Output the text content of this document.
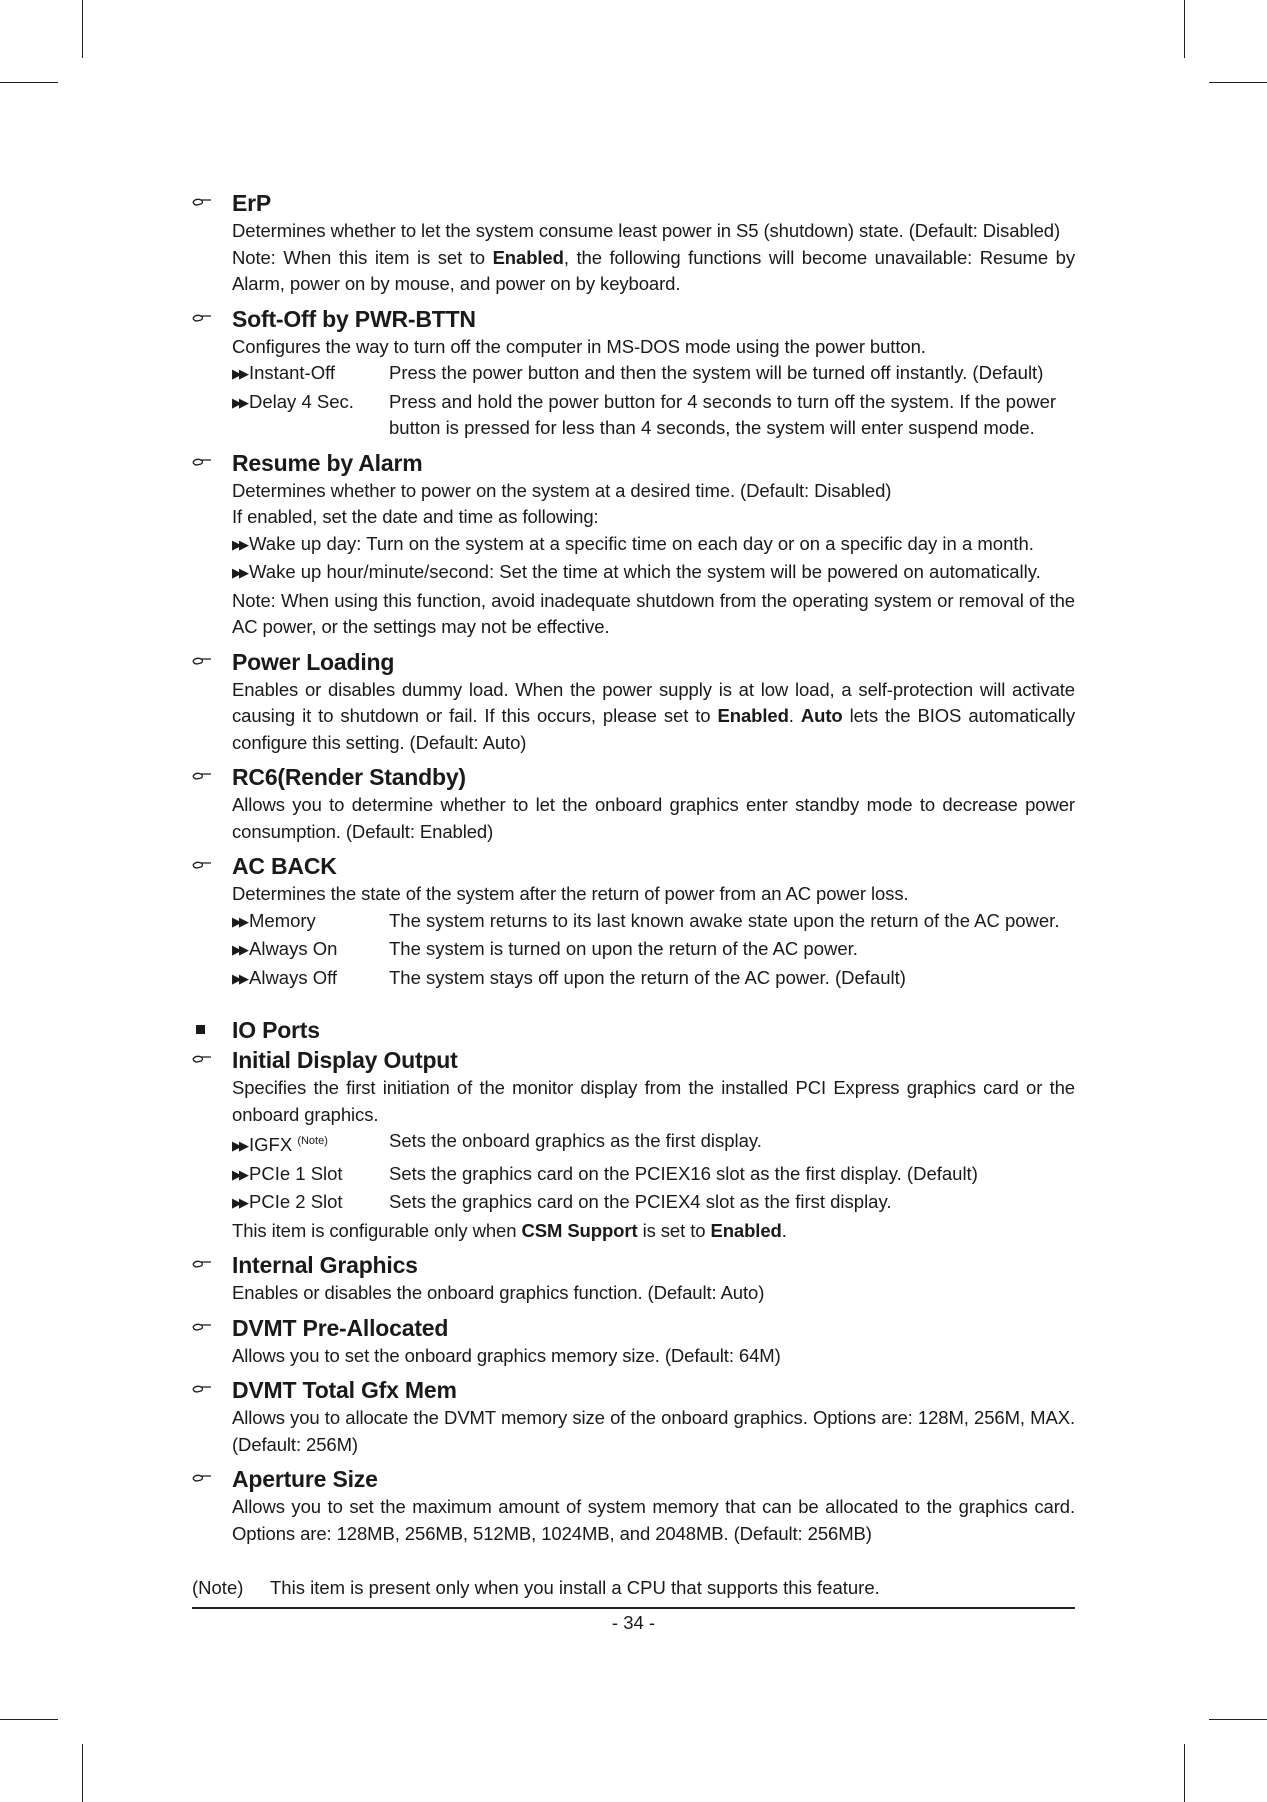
ErP

Determines whether to let the system consume least power in S5 (shutdown) state. (Default: Disabled)

Note: When this item is set to Enabled, the following functions will become unavailable: Resume by Alarm, power on by mouse, and power on by keyboard.

Soft-Off by PWR-BTTN

Configures the way to turn off the computer in MS-DOS mode using the power button.

▶▶ Instant-Off	Press the power button and then the system will be turned off instantly. (Default)
▶▶ Delay 4 Sec.	Press and hold the power button for 4 seconds to turn off the system. If the power button is pressed for less than 4 seconds, the system will enter suspend mode.
Resume by Alarm

Determines whether to power on the system at a desired time. (Default: Disabled)

If enabled, set the date and time as following:

▶▶ Wake up day: Turn on the system at a specific time on each day or on a specific day in a month.
▶▶ Wake up hour/minute/second: Set the time at which the system will be powered on automatically.

Note: When using this function, avoid inadequate shutdown from the operating system or removal of the AC power, or the settings may not be effective.

Power Loading

Enables or disables dummy load. When the power supply is at low load, a self-protection will activate causing it to shutdown or fail. If this occurs, please set to Enabled. Auto lets the BIOS automatically configure this setting. (Default: Auto)

RC6(Render Standby)

Allows you to determine whether to let the onboard graphics enter standby mode to decrease power consumption. (Default: Enabled)

AC BACK

Determines the state of the system after the return of power from an AC power loss.

▶▶ Memory	The system returns to its last known awake state upon the return of the AC power.
▶▶ Always On	The system is turned on upon the return of the AC power.
▶▶ Always Off	The system stays off upon the return of the AC power. (Default)
IO Ports
Initial Display Output

Specifies the first initiation of the monitor display from the installed PCI Express graphics card or the onboard graphics.

▶▶ IGFX $^{(Note)}$	Sets the onboard graphics as the first display.
▶▶ PCIe 1 Slot	Sets the graphics card on the PCIEX16 slot as the first display. (Default)
▶▶ PCIe 2 Slot	Sets the graphics card on the PCIEX4 slot as the first display.

This item is configurable only when CSM Support is set to Enabled.

Internal Graphics

Enables or disables the onboard graphics function. (Default: Auto)

DVMT Pre-Allocated

Allows you to set the onboard graphics memory size. (Default: 64M)

DVMT Total Gfx Mem

Allows you to allocate the DVMT memory size of the onboard graphics. Options are: 128M, 256M, MAX. (Default: 256M)

Aperture Size

Allows you to set the maximum amount of system memory that can be allocated to the graphics card. Options are: 128MB, 256MB, 512MB, 1024MB, and 2048MB. (Default: 256MB)

(Note)	This item is present only when you install a CPU that supports this feature.
- 34 -
